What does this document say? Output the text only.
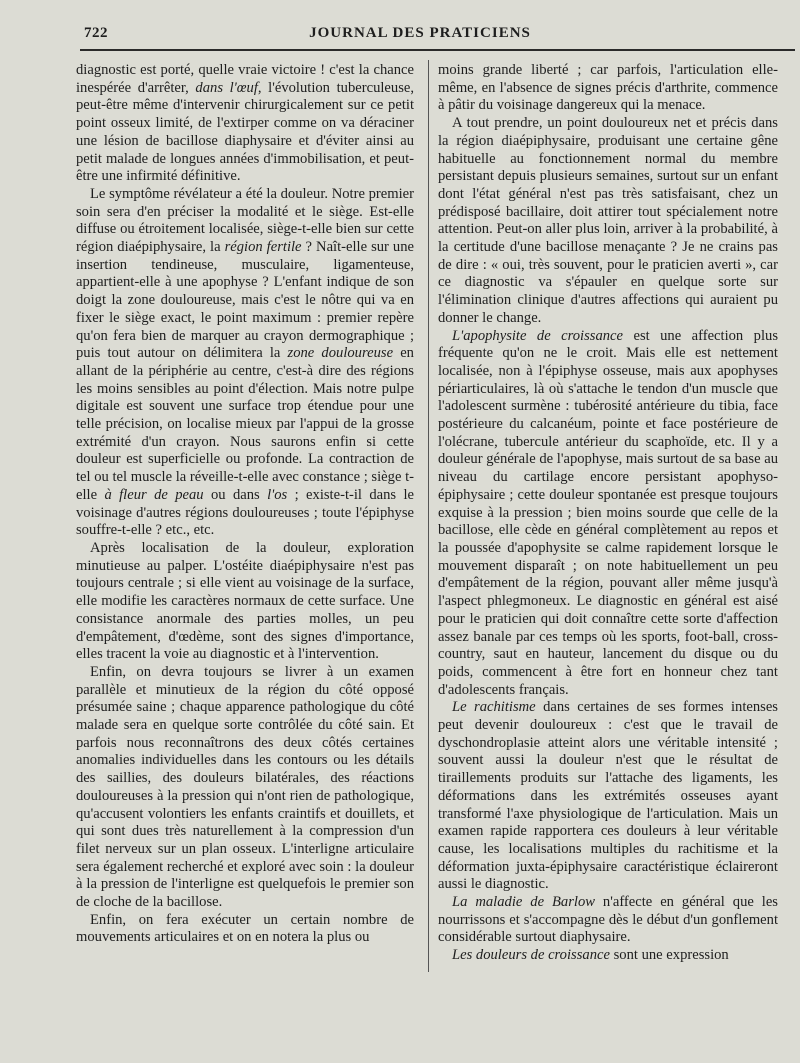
722	JOURNAL DES PRATICIENS

diagnostic est porté, quelle vraie victoire ! c'est la chance inespérée d'arrêter, dans l'œuf, l'évolution tuberculeuse, peut-être même d'intervenir chirurgicalement sur ce petit point osseux limité, de l'extirper comme on va déraciner une lésion de bacillose diaphysaire et d'éviter ainsi au petit malade de longues années d'immobilisation, et peut-être une infirmité définitive.

Le symptôme révélateur a été la douleur. Notre premier soin sera d'en préciser la modalité et le siège. Est-elle diffuse ou étroitement localisée, siège-t-elle bien sur cette région diaépiphysaire, la région fertile ? Naît-elle sur une insertion tendineuse, musculaire, ligamenteuse, appartient-elle à une apophyse ? L'enfant indique de son doigt la zone douloureuse, mais c'est le nôtre qui va en fixer le siège exact, le point maximum : premier repère qu'on fera bien de marquer au crayon dermographique ; puis tout autour on délimitera la zone douloureuse en allant de la périphérie au centre, c'est-à dire des régions les moins sensibles au point d'élection. Mais notre pulpe digitale est souvent une surface trop étendue pour une telle précision, on localise mieux par l'appui de la grosse extrémité d'un crayon. Nous saurons enfin si cette douleur est superficielle ou profonde. La contraction de tel ou tel muscle la réveille-t-elle avec constance ; siège t-elle à fleur de peau ou dans l'os ; existe-t-il dans le voisinage d'autres régions douloureuses ; toute l'épiphyse souffre-t-elle ? etc., etc.

Après localisation de la douleur, exploration minutieuse au palper. L'ostéite diaépiphysaire n'est pas toujours centrale ; si elle vient au voisinage de la surface, elle modifie les caractères normaux de cette surface. Une consistance anormale des parties molles, un peu d'empâtement, d'œdème, sont des signes d'importance, elles tracent la voie au diagnostic et à l'intervention.

Enfin, on devra toujours se livrer à un examen parallèle et minutieux de la région du côté opposé présumée saine ; chaque apparence pathologique du côté malade sera en quelque sorte contrôlée du côté sain. Et parfois nous reconnaîtrons des deux côtés certaines anomalies individuelles dans les contours ou les détails des saillies, des douleurs bilatérales, des réactions douloureuses à la pression qui n'ont rien de pathologique, qu'accusent volontiers les enfants craintifs et douillets, et qui sont dues très naturellement à la compression d'un filet nerveux sur un plan osseux. L'interligne articulaire sera également recherché et exploré avec soin : la douleur à la pression de l'interligne est quelquefois le premier son de cloche de la bacillose.

Enfin, on fera exécuter un certain nombre de mouvements articulaires et on en notera la plus ou

moins grande liberté ; car parfois, l'articulation elle-même, en l'absence de signes précis d'arthrite, commence à pâtir du voisinage dangereux qui la menace.

A tout prendre, un point douloureux net et précis dans la région diaépiphysaire, produisant une certaine gêne habituelle au fonctionnement normal du membre persistant depuis plusieurs semaines, surtout sur un enfant dont l'état général n'est pas très satisfaisant, chez un prédisposé bacillaire, doit attirer tout spécialement notre attention. Peut-on aller plus loin, arriver à la probabilité, à la certitude d'une bacillose menaçante ? Je ne crains pas de dire : « oui, très souvent, pour le praticien averti », car ce diagnostic va s'épauler en quelque sorte sur l'élimination clinique d'autres affections qui auraient pu donner le change.

L'apophysite de croissance est une affection plus fréquente qu'on ne le croit. Mais elle est nettement localisée, non à l'épiphyse osseuse, mais aux apophyses périarticulaires, là où s'attache le tendon d'un muscle que l'adolescent surmène : tubérosité antérieure du tibia, face postérieure du calcanéum, pointe et face postérieure de l'olécrane, tubercule antérieur du scaphoïde, etc. Il y a douleur générale de l'apophyse, mais surtout de sa base au niveau du cartilage encore persistant apophyso-épiphysaire ; cette douleur spontanée est presque toujours exquise à la pression ; bien moins sourde que celle de la bacillose, elle cède en général complètement au repos et la poussée d'apophysite se calme rapidement lorsque le mouvement disparaît ; on note habituellement un peu d'empâtement de la région, pouvant aller même jusqu'à l'aspect phlegmoneux. Le diagnostic en général est aisé pour le praticien qui doit connaître cette sorte d'affection assez banale par ces temps où les sports, foot-ball, cross-country, saut en hauteur, lancement du disque ou du poids, commencent à être fort en honneur chez tant d'adolescents français.

Le rachitisme dans certaines de ses formes intenses peut devenir douloureux : c'est que le travail de dyschondroplasie atteint alors une véritable intensité ; souvent aussi la douleur n'est que le résultat de tiraillements produits sur l'attache des ligaments, les déformations dans les extrémités osseuses ayant transformé l'axe physiologique de l'articulation. Mais un examen rapide rapportera ces douleurs à leur véritable cause, les localisations multiples du rachitisme et la déformation juxta-épiphysaire caractéristique éclaireront aussi le diagnostic.

La maladie de Barlow n'affecte en général que les nourrissons et s'accompagne dès le début d'un gonflement considérable surtout diaphysaire.

Les douleurs de croissance sont une expression
